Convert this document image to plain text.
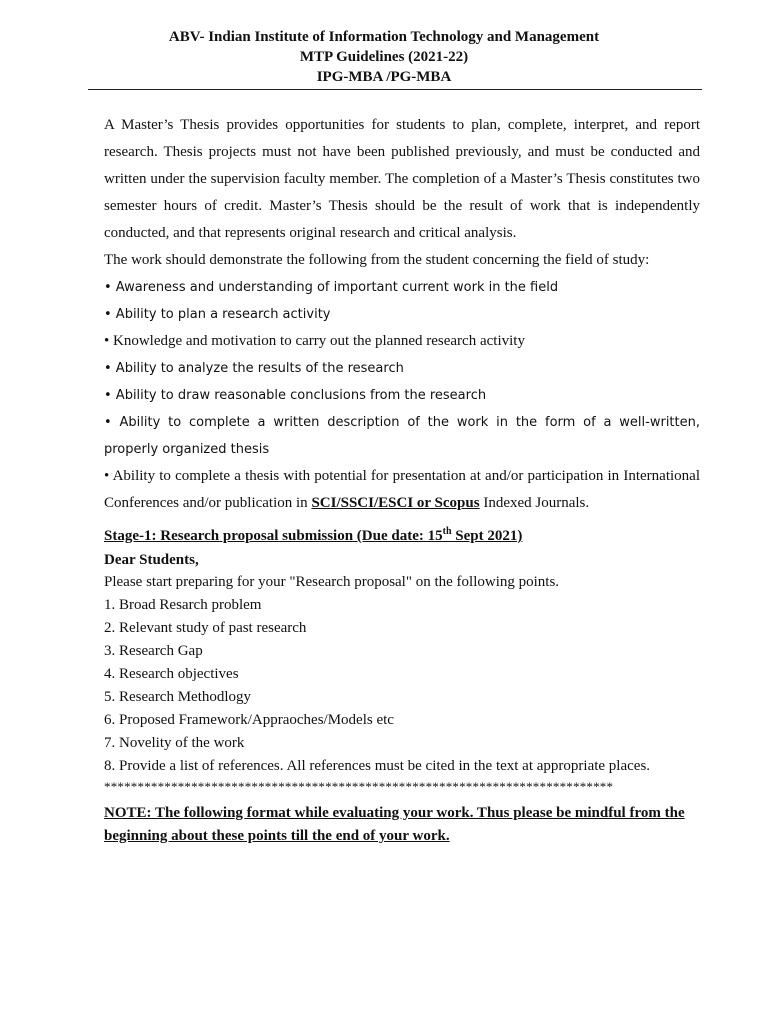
ABV- Indian Institute of Information Technology and Management
MTP Guidelines (2021-22)
IPG-MBA /PG-MBA

A Master’s Thesis provides opportunities for students to plan, complete, interpret, and report research. Thesis projects must not have been published previously, and must be conducted and written under the supervision faculty member. The completion of a Master’s Thesis constitutes two semester hours of credit. Master’s Thesis should be the result of work that is independently conducted, and that represents original research and critical analysis.

The work should demonstrate the following from the student concerning the field of study:

• Awareness and understanding of important current work in the field

• Ability to plan a research activity

• Knowledge and motivation to carry out the planned research activity

• Ability to analyze the results of the research

• Ability to draw reasonable conclusions from the research

• Ability to complete a written description of the work in the form of a well-written, properly organized thesis

• Ability to complete a thesis with potential for presentation at and/or participation in International Conferences and/or publication in SCI/SSCI/ESCI or Scopus Indexed Journals.

Stage-1: Research proposal submission (Due date: 15th Sept 2021)

Dear Students,

Please start preparing for your "Research proposal" on the following points.

1. Broad Resarch problem

2. Relevant study of past research

3. Research Gap

4. Research objectives

5. Research Methodlogy

6. Proposed Framework/Appraoches/Models etc

7. Novelity of the work

8. Provide a list of references. All references must be cited in the text at appropriate places.

****************************************************************************

NOTE: The following format while evaluating your work. Thus please be mindful from the beginning about these points till the end of your work.
